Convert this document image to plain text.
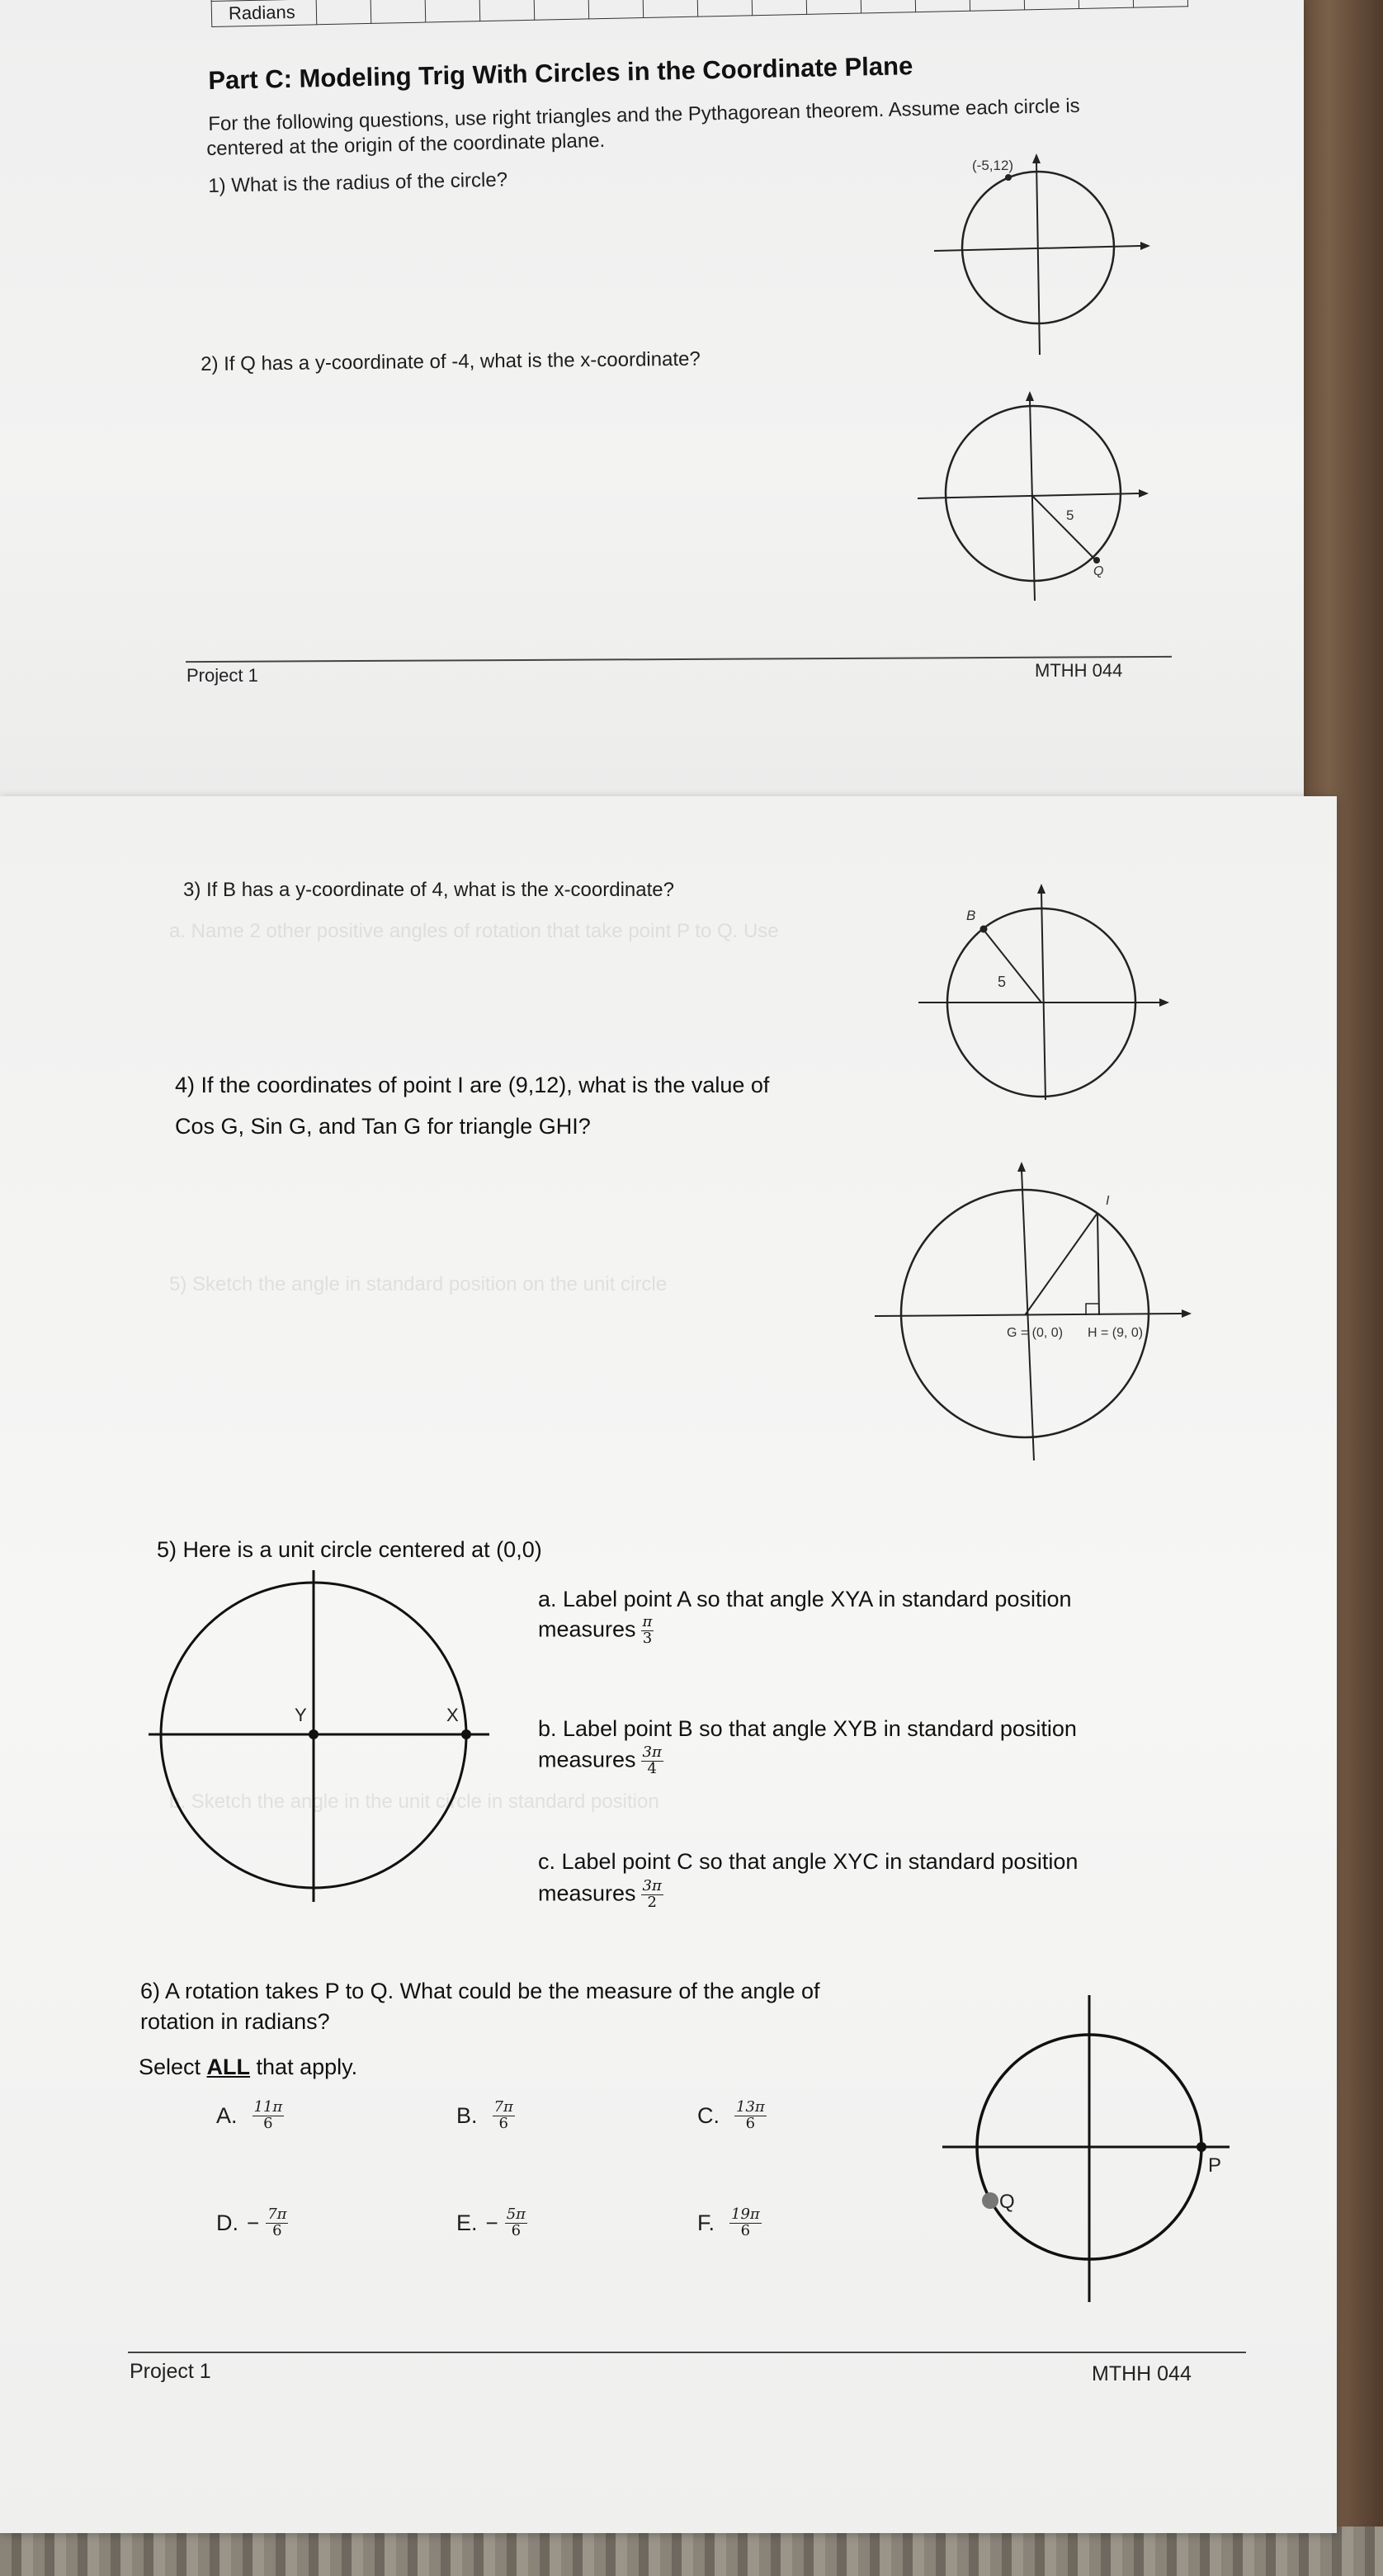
Radians																
Part C: Modeling Trig With Circles in the Coordinate Plane
For the following questions, use right triangles and the Pythagorean theorem. Assume each circle is
centered at the origin of the coordinate plane.
1) What is the radius of the circle?
(-5,12)
2) If Q has a y-coordinate of -4, what is the x-coordinate?
5
Q
Project 1	MTHH 044
a. Name 2 other positive angles of rotation that take point P to Q. Use
5) Sketch the angle in standard position on the unit circle
b. Sketch the angle in the unit circle in standard position
3) If B has a y-coordinate of 4, what is the x-coordinate?
B
5
4) If the coordinates of point I are (9,12), what is the value of
Cos G, Sin G, and Tan G for triangle GHI?
I
G = (0, 0) H = (9, 0)
5) Here is a unit circle centered at (0,0)
Y	X
a. Label point A so that angle XYA in standard position
measures $\frac{\pi}{3}$
b. Label point B so that angle XYB in standard position
measures $\frac{3\pi}{4}$
c. Label point C so that angle XYC in standard position
measures $\frac{3\pi}{2}$
6) A rotation takes P to Q. What could be the measure of the angle of
rotation in radians?
Select ALL that apply.
A. $\frac{11\pi}{6}$	B. $\frac{7\pi}{6}$	C. $\frac{13\pi}{6}$
D. − $\frac{7\pi}{6}$	E. − $\frac{5\pi}{6}$	F. $\frac{19\pi}{6}$
P
Q
Project 1	MTHH 044
